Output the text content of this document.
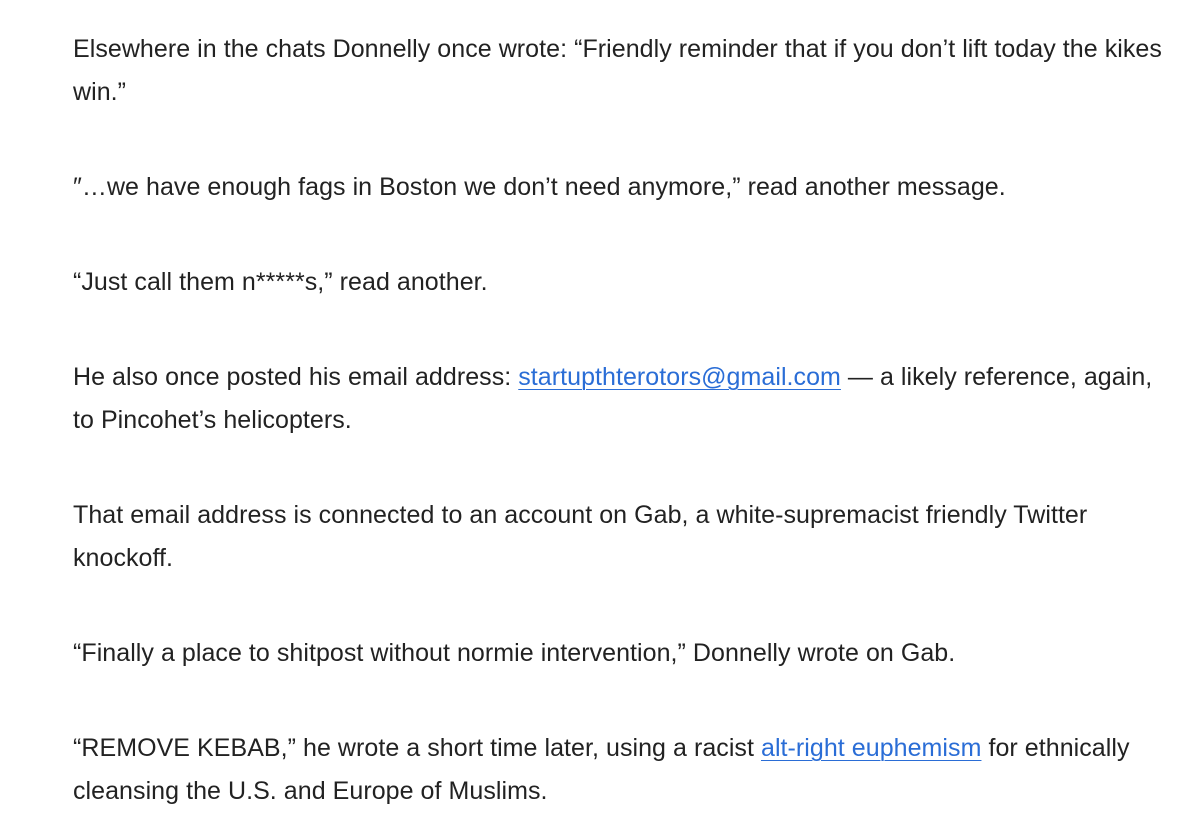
Elsewhere in the chats Donnelly once wrote: “Friendly reminder that if you don’t lift today the kikes win.”

″…we have enough fags in Boston we don’t need anymore,” read another message.

“Just call them n*****s,” read another.

He also once posted his email address: startupthterotors@gmail.com — a likely reference, again, to Pincohet’s helicopters.

That email address is connected to an account on Gab, a white-supremacist friendly Twitter knockoff.

“Finally a place to shitpost without normie intervention,” Donnelly wrote on Gab.

“REMOVE KEBAB,” he wrote a short time later, using a racist alt-right euphemism for ethnically cleansing the U.S. and Europe of Muslims.
